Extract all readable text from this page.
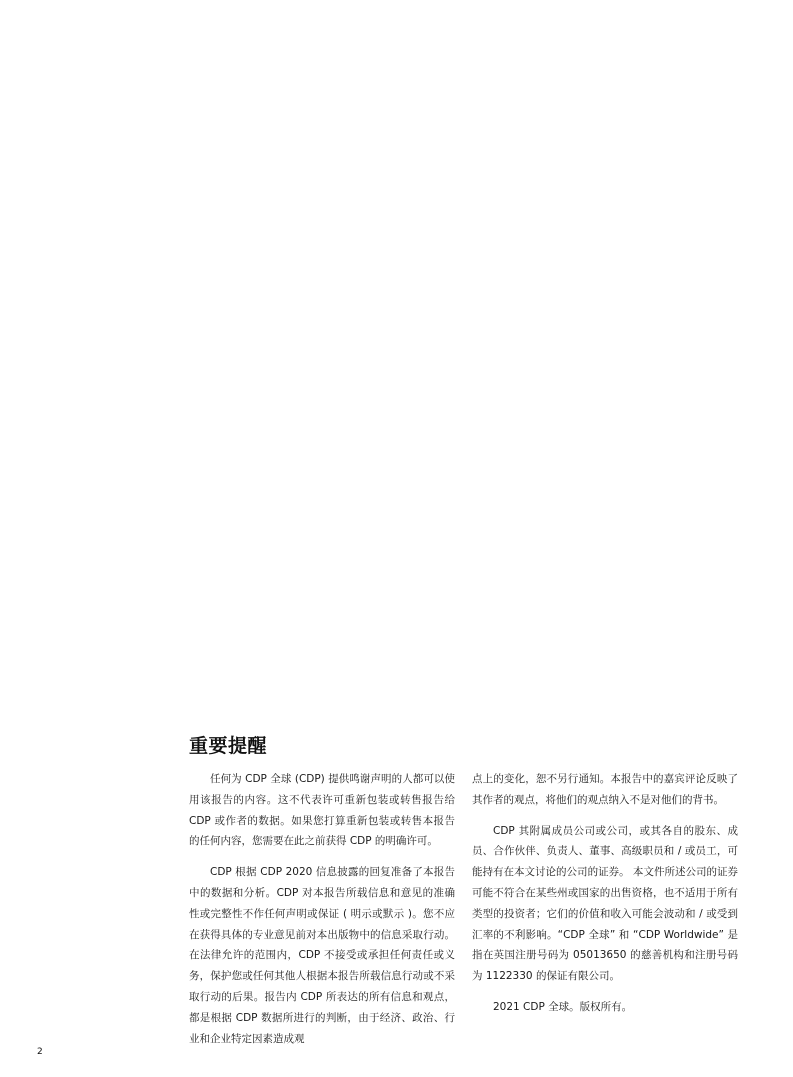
重要提醒

任何为 CDP 全球 (CDP) 提供鸣谢声明的人都可以使用该报告的内容。这不代表许可重新包装或转售报告给 CDP 或作者的数据。如果您打算重新包装或转售本报告的任何内容，您需要在此之前获得 CDP 的明确许可。

CDP 根据 CDP 2020 信息披露的回复准备了本报告中的数据和分析。CDP 对本报告所载信息和意见的准确性或完整性不作任何声明或保证 ( 明示或默示 )。您不应在获得具体的专业意见前对本出版物中的信息采取行动。在法律允许的范围内，CDP 不接受或承担任何责任或义务，保护您或任何其他人根据本报告所载信息行动或不采取行动的后果。报告内 CDP 所表达的所有信息和观点，都是根据 CDP 数据所进行的判断，由于经济、政治、行业和企业特定因素造成观

点上的变化，恕不另行通知。本报告中的嘉宾评论反映了其作者的观点，将他们的观点纳入不是对他们的背书。

CDP 其附属成员公司或公司，或其各自的股东、成员、合作伙伴、负责人、董事、高级职员和 / 或员工，可能持有在本文讨论的公司的证券。 本文件所述公司的证券可能不符合在某些州或国家的出售资格，也不适用于所有类型的投资者；它们的价值和收入可能会波动和 / 或受到汇率的不利影响。“CDP 全球” 和 “CDP Worldwide” 是指在英国注册号码为 05013650 的慈善机构和注册号码为 1122330 的保证有限公司。

2021 CDP 全球。版权所有。

2
